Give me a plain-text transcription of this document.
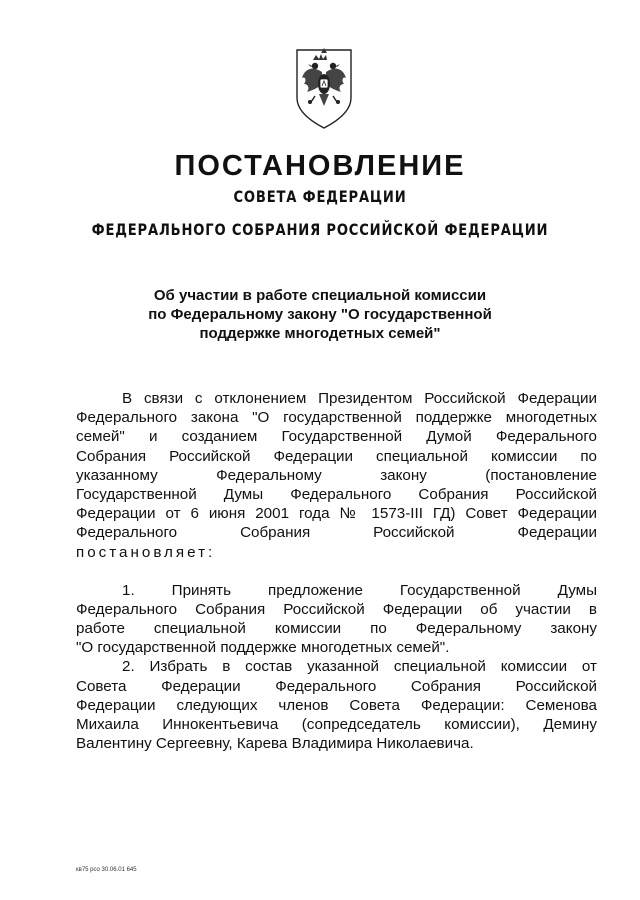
ПОСТАНОВЛЕНИЕ
СОВЕТА ФЕДЕРАЦИИ
ФЕДЕРАЛЬНОГО СОБРАНИЯ РОССИЙСКОЙ ФЕДЕРАЦИИ
Об участии в работе специальной комиссии
по Федеральному закону "О государственной
поддержке многодетных семей"
В связи с отклонением Президентом Российской Федерации
Федерального закона "О государственной поддержке многодетных
семей" и созданием Государственной Думой Федерального
Собрания Российской Федерации специальной комиссии по
указанному Федеральному закону (постановление
Государственной Думы Федерального Собрания Российской
Федерации от 6 июня 2001 года № 1573-III ГД) Совет Федерации
Федерального Собрания Российской Федерации
постановляет:
1. Принять предложение Государственной Думы
Федерального Собрания Российской Федерации об участии в
работе специальной комиссии по Федеральному закону
"О государственной поддержке многодетных семей".
2. Избрать в состав указанной специальной комиссии от
Совета Федерации Федерального Собрания Российской
Федерации следующих членов Совета Федерации: Семенова
Михаила Иннокентьевича (сопредседатель комиссии), Демину
Валентину Сергеевну, Карева Владимира Николаевича.
кв75 рсо 30.06.01 645
